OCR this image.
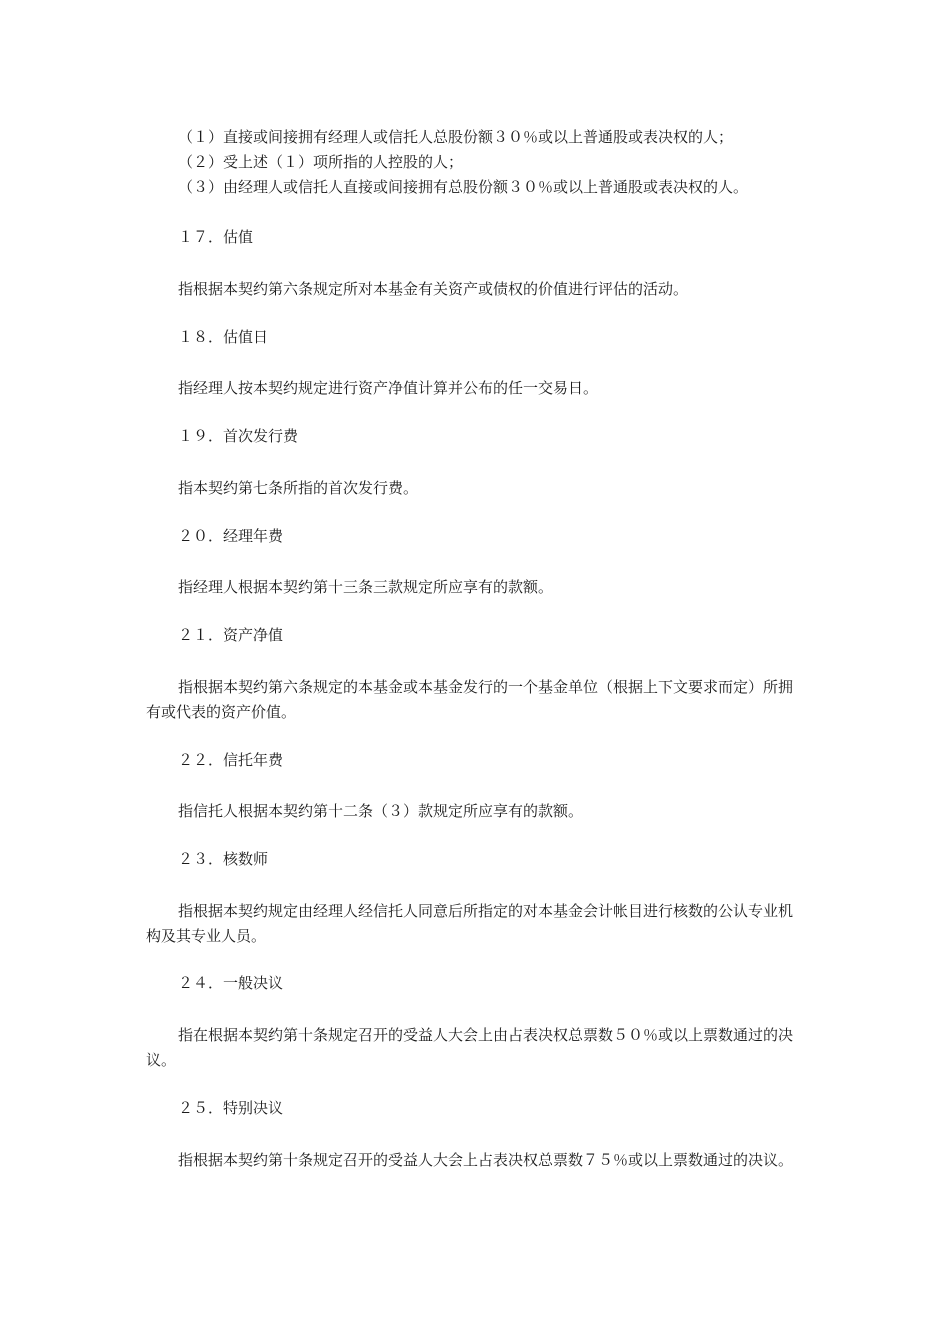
（１）直接或间接拥有经理人或信托人总股份额３０％或以上普通股或表决权的人；
（２）受上述（１）项所指的人控股的人；
（３）由经理人或信托人直接或间接拥有总股份额３０％或以上普通股或表决权的人。
１７．估值
指根据本契约第六条规定所对本基金有关资产或债权的价值进行评估的活动。
１８．估值日
指经理人按本契约规定进行资产净值计算并公布的任一交易日。
１９．首次发行费
指本契约第七条所指的首次发行费。
２０．经理年费
指经理人根据本契约第十三条三款规定所应享有的款额。
２１．资产净值
指根据本契约第六条规定的本基金或本基金发行的一个基金单位（根据上下文要求而定）所拥有或代表的资产价值。
２２．信托年费
指信托人根据本契约第十二条（３）款规定所应享有的款额。
２３．核数师
指根据本契约规定由经理人经信托人同意后所指定的对本基金会计帐目进行核数的公认专业机构及其专业人员。
２４．一般决议
指在根据本契约第十条规定召开的受益人大会上由占表决权总票数５０％或以上票数通过的决议。
２５．特别决议
指根据本契约第十条规定召开的受益人大会上占表决权总票数７５％或以上票数通过的决议。
